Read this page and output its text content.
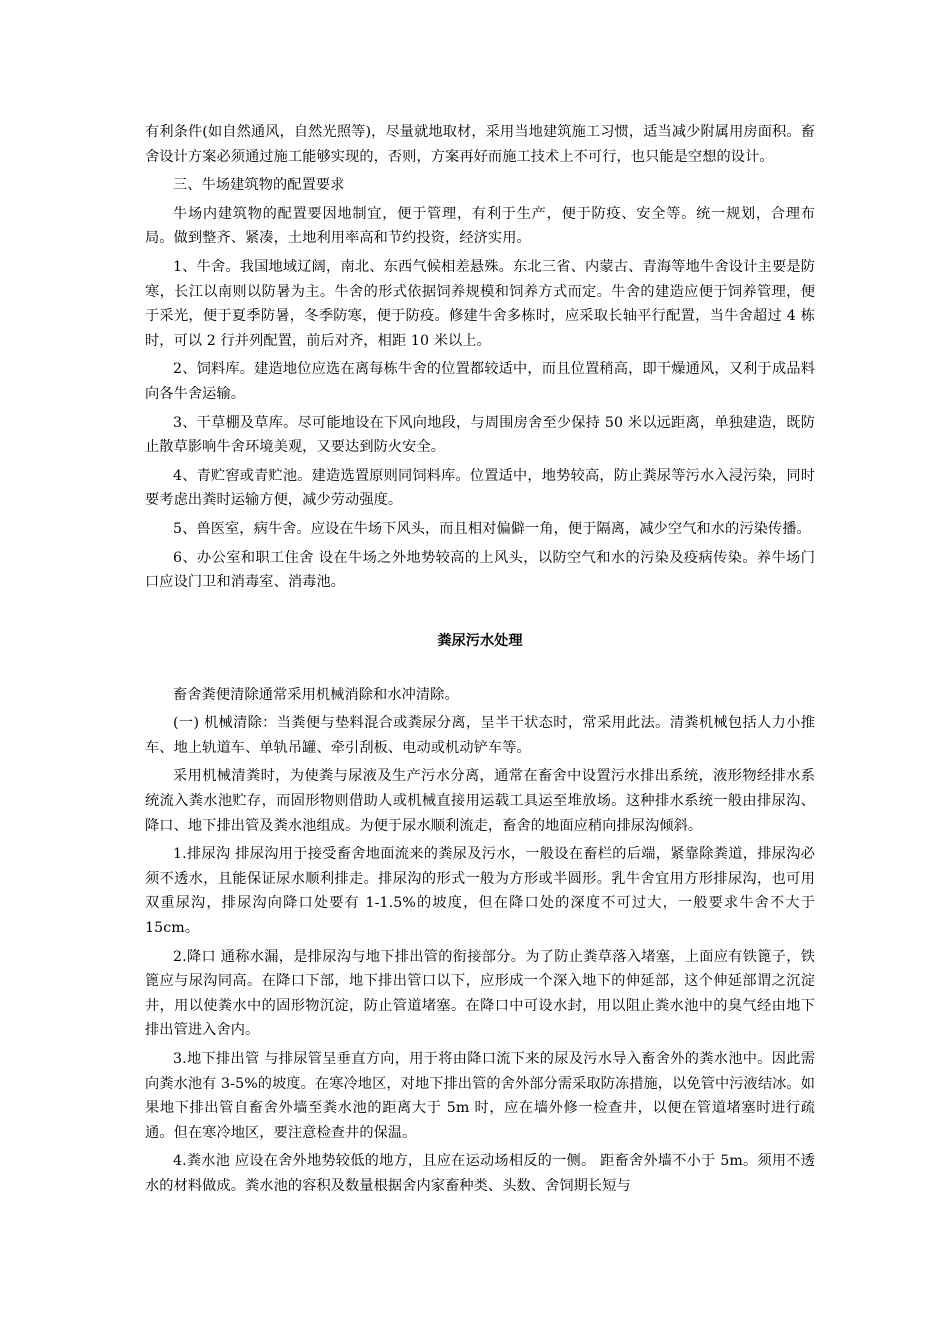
有利条件(如自然通风，自然光照等)，尽量就地取材，采用当地建筑施工习惯，适当减少附属用房面积。畜舍设计方案必须通过施工能够实现的，否则，方案再好而施工技术上不可行，也只能是空想的设计。

三、牛场建筑物的配置要求

牛场内建筑物的配置要因地制宜，便于管理，有利于生产，便于防疫、安全等。统一规划，合理布局。做到整齐、紧凑，土地利用率高和节约投资，经济实用。

1、牛舍。我国地域辽阔，南北、东西气候相差悬殊。东北三省、内蒙古、青海等地牛舍设计主要是防寒，长江以南则以防暑为主。牛舍的形式依据饲养规模和饲养方式而定。牛舍的建造应便于饲养管理，便于采光，便于夏季防暑，冬季防寒，便于防疫。修建牛舍多栋时，应采取长轴平行配置，当牛舍超过 4 栋时，可以 2 行并列配置，前后对齐，相距 10 米以上。

2、饲料库。建造地位应选在离每栋牛舍的位置都较适中，而且位置稍高，即干燥通风，又利于成品料向各牛舍运输。

3、干草棚及草库。尽可能地设在下风向地段，与周围房舍至少保持 50 米以远距离，单独建造，既防止散草影响牛舍环境美观，又要达到防火安全。

4、青贮窖或青贮池。建造选置原则同饲料库。位置适中，地势较高，防止粪尿等污水入浸污染，同时要考虑出粪时运输方便，减少劳动强度。

5、兽医室，病牛舍。应设在牛场下风头，而且相对偏僻一角，便于隔离，减少空气和水的污染传播。

6、办公室和职工住舍 设在牛场之外地势较高的上风头，以防空气和水的污染及疫病传染。养牛场门口应设门卫和消毒室、消毒池。

粪尿污水处理

畜舍粪便清除通常采用机械消除和水冲清除。

(一) 机械清除：当粪便与垫料混合或粪尿分离，呈半干状态时，常采用此法。清粪机械包括人力小推车、地上轨道车、单轨吊罐、牵引刮板、电动或机动铲车等。

采用机械清粪时，为使粪与尿液及生产污水分离，通常在畜舍中设置污水排出系统，液形物经排水系统流入粪水池贮存，而固形物则借助人或机械直接用运载工具运至堆放场。这种排水系统一般由排尿沟、降口、地下排出管及粪水池组成。为便于尿水顺利流走，畜舍的地面应稍向排尿沟倾斜。

1.排尿沟 排尿沟用于接受畜舍地面流来的粪尿及污水，一般设在畜栏的后端，紧靠除粪道，排尿沟必须不透水，且能保证尿水顺利排走。排尿沟的形式一般为方形或半圆形。乳牛舍宜用方形排尿沟，也可用双重尿沟，排尿沟向降口处要有 1-1.5%的坡度，但在降口处的深度不可过大，一般要求牛舍不大于 15cm。

2.降口 通称水漏，是排尿沟与地下排出管的衔接部分。为了防止粪草落入堵塞，上面应有铁篦子，铁篦应与尿沟同高。在降口下部，地下排出管口以下，应形成一个深入地下的伸延部，这个伸延部谓之沉淀井，用以使粪水中的固形物沉淀，防止管道堵塞。在降口中可设水封，用以阻止粪水池中的臭气经由地下排出管进入舍内。

3.地下排出管 与排尿管呈垂直方向，用于将由降口流下来的尿及污水导入畜舍外的粪水池中。因此需向粪水池有 3-5%的坡度。在寒冷地区，对地下排出管的舍外部分需采取防冻措施，以免管中污液结冰。如果地下排出管自畜舍外墙至粪水池的距离大于 5m 时，应在墙外修一检查井，以便在管道堵塞时进行疏通。但在寒冷地区，要注意检查井的保温。

4.粪水池 应设在舍外地势较低的地方，且应在运动场相反的一侧。 距畜舍外墙不小于 5m。须用不透水的材料做成。粪水池的容积及数量根据舍内家畜种类、头数、舍饲期长短与
